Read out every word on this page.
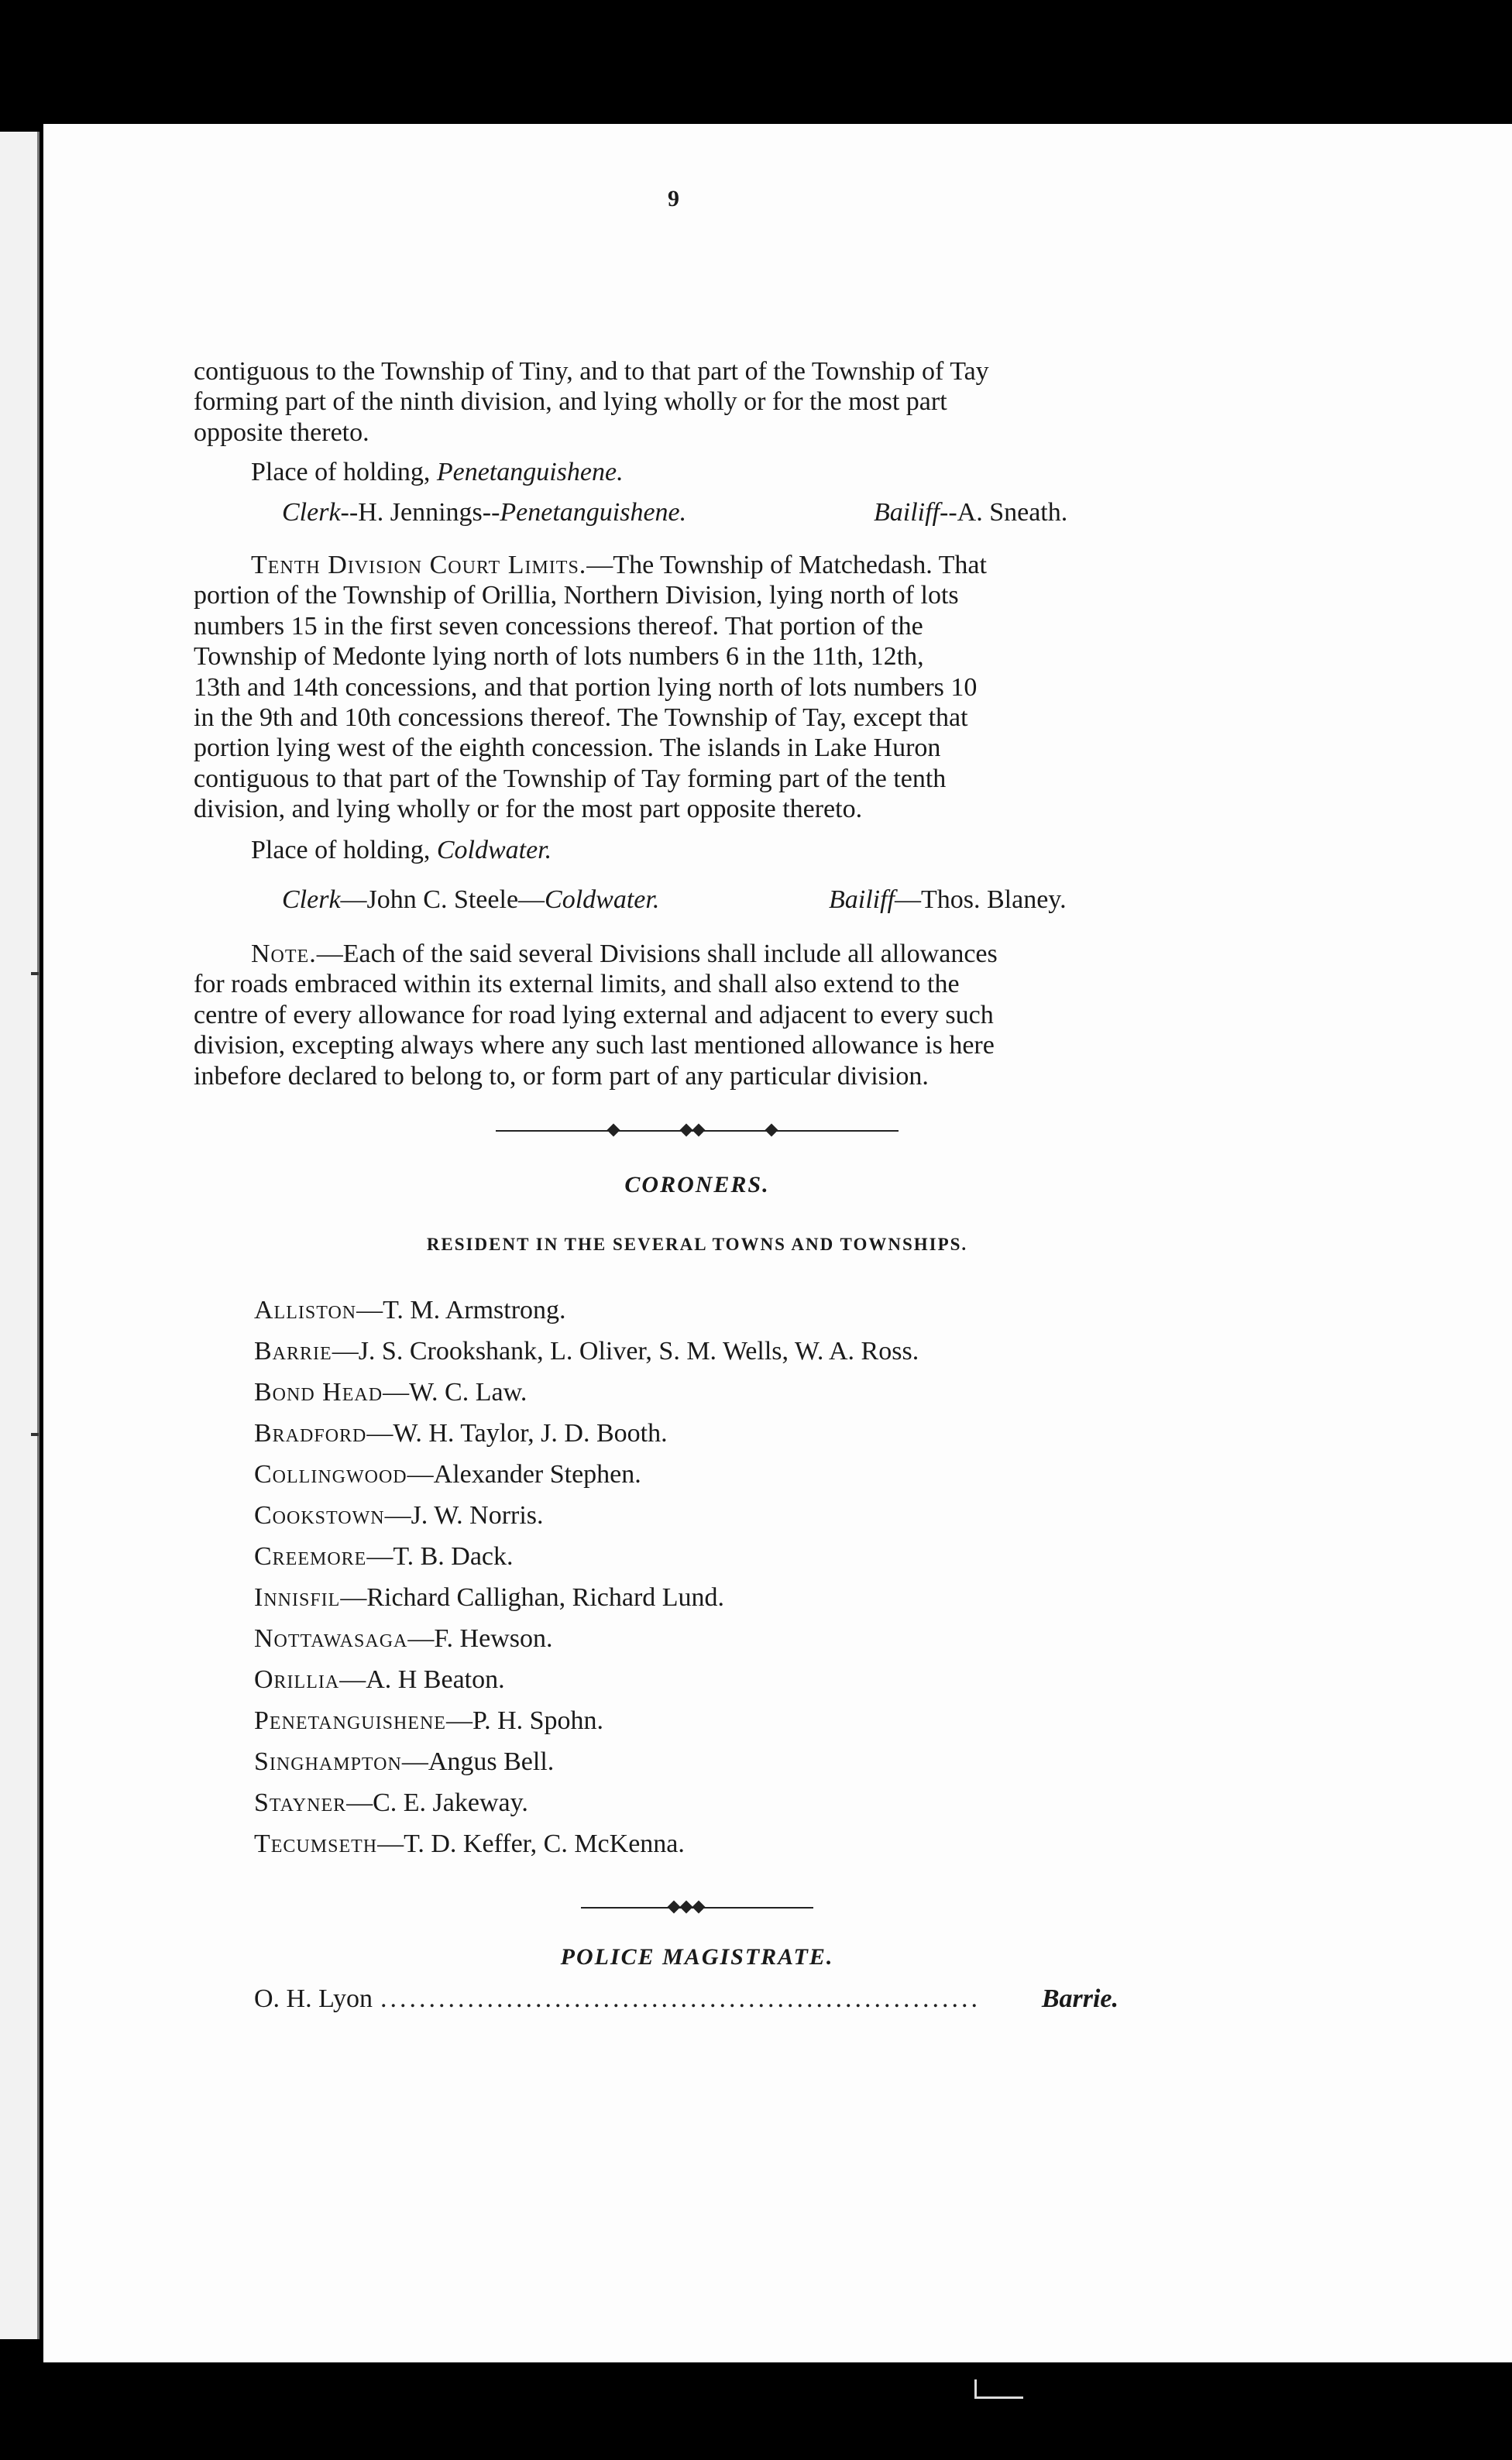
9

contiguous to the Township of Tiny, and to that part of the Township of Tay

forming part of the ninth division, and lying wholly or for the most part

opposite thereto.

Place of holding, Penetanguishene.
Clerk--H. Jennings--Penetanguishene.	Bailiff--A. Sneath.

Tenth Division Court Limits.—The Township of Matchedash. That

portion of the Township of Orillia, Northern Division, lying north of lots

numbers 15 in the first seven concessions thereof. That portion of the

Township of Medonte lying north of lots numbers 6 in the 11th, 12th,

13th and 14th concessions, and that portion lying north of lots numbers 10

in the 9th and 10th concessions thereof. The Township of Tay, except that

portion lying west of the eighth concession. The islands in Lake Huron

contiguous to that part of the Township of Tay forming part of the tenth

division, and lying wholly or for the most part opposite thereto.

Place of holding, Coldwater.
Clerk—John C. Steele—Coldwater.	Bailiff—Thos. Blaney.

Note.—Each of the said several Divisions shall include all allowances

for roads embraced within its external limits, and shall also extend to the

centre of every allowance for road lying external and adjacent to every such

division, excepting always where any such last mentioned allowance is here

inbefore declared to belong to, or form part of any particular division.

CORONERS.
RESIDENT IN THE SEVERAL TOWNS AND TOWNSHIPS.
Alliston—T. M. Armstrong.
Barrie—J. S. Crookshank, L. Oliver, S. M. Wells, W. A. Ross.
Bond Head—W. C. Law.
Bradford—W. H. Taylor, J. D. Booth.
Collingwood—Alexander Stephen.
Cookstown—J. W. Norris.
Creemore—T. B. Dack.
Innisfil—Richard Callighan, Richard Lund.
Nottawasaga—F. Hewson.
Orillia—A. H Beaton.
Penetanguishene—P. H. Spohn.
Singhampton—Angus Bell.
Stayner—C. E. Jakeway.
Tecumseth—T. D. Keffer, C. McKenna.
POLICE MAGISTRATE.
O. H. Lyon ..............................................................	Barrie.
